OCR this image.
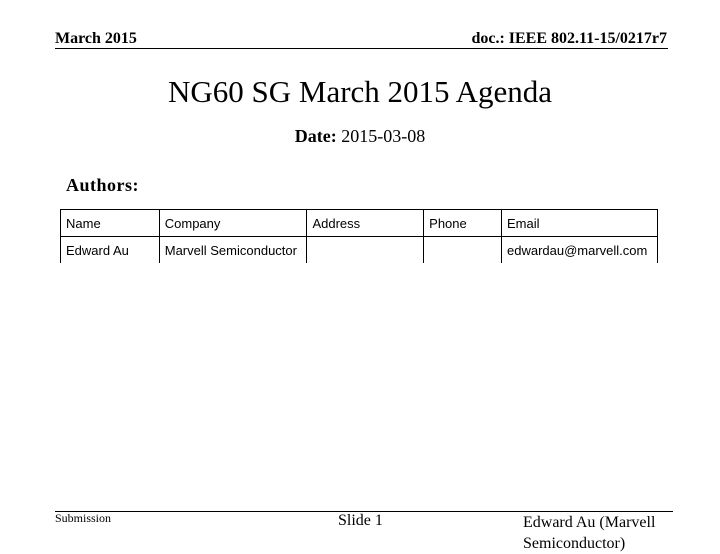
March 2015	doc.: IEEE 802.11-15/0217r7
NG60 SG March 2015 Agenda
Date: 2015-03-08
Authors:
Name	Company	Address	Phone	Email
Edward Au	Marvell Semiconductor			edwardau@marvell.com
Submission	Slide 1	Edward Au (Marvell Semiconductor)
